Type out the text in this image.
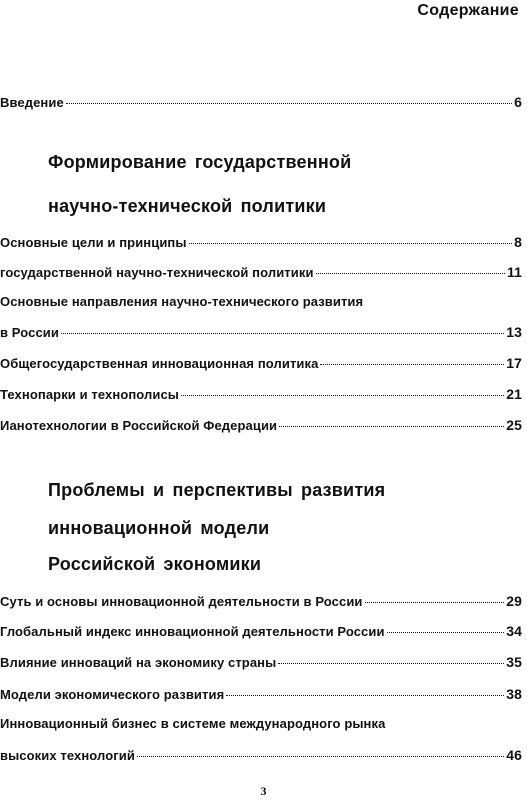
Содержание
Введение	6
Формирование государственной
научно-технической политики
Основные цели и принципы	8
государственной научно-технической политики	11
Основные направления научно-технического развития
в России	13
Общегосударственная инновационная политика	17
Технопарки и технополисы	21
Ианотехнологии в Российской Федерации	25
Проблемы и перспективы развития
инновационной модели
Российской экономики
Суть и основы инновационной деятельности в России	29
Глобальный индекс инновационной деятельности России	34
Влияние инноваций на экономику страны	35
Модели экономического развития	38
Инновационный бизнес в системе международного рынка
высоких технологий	46
3
